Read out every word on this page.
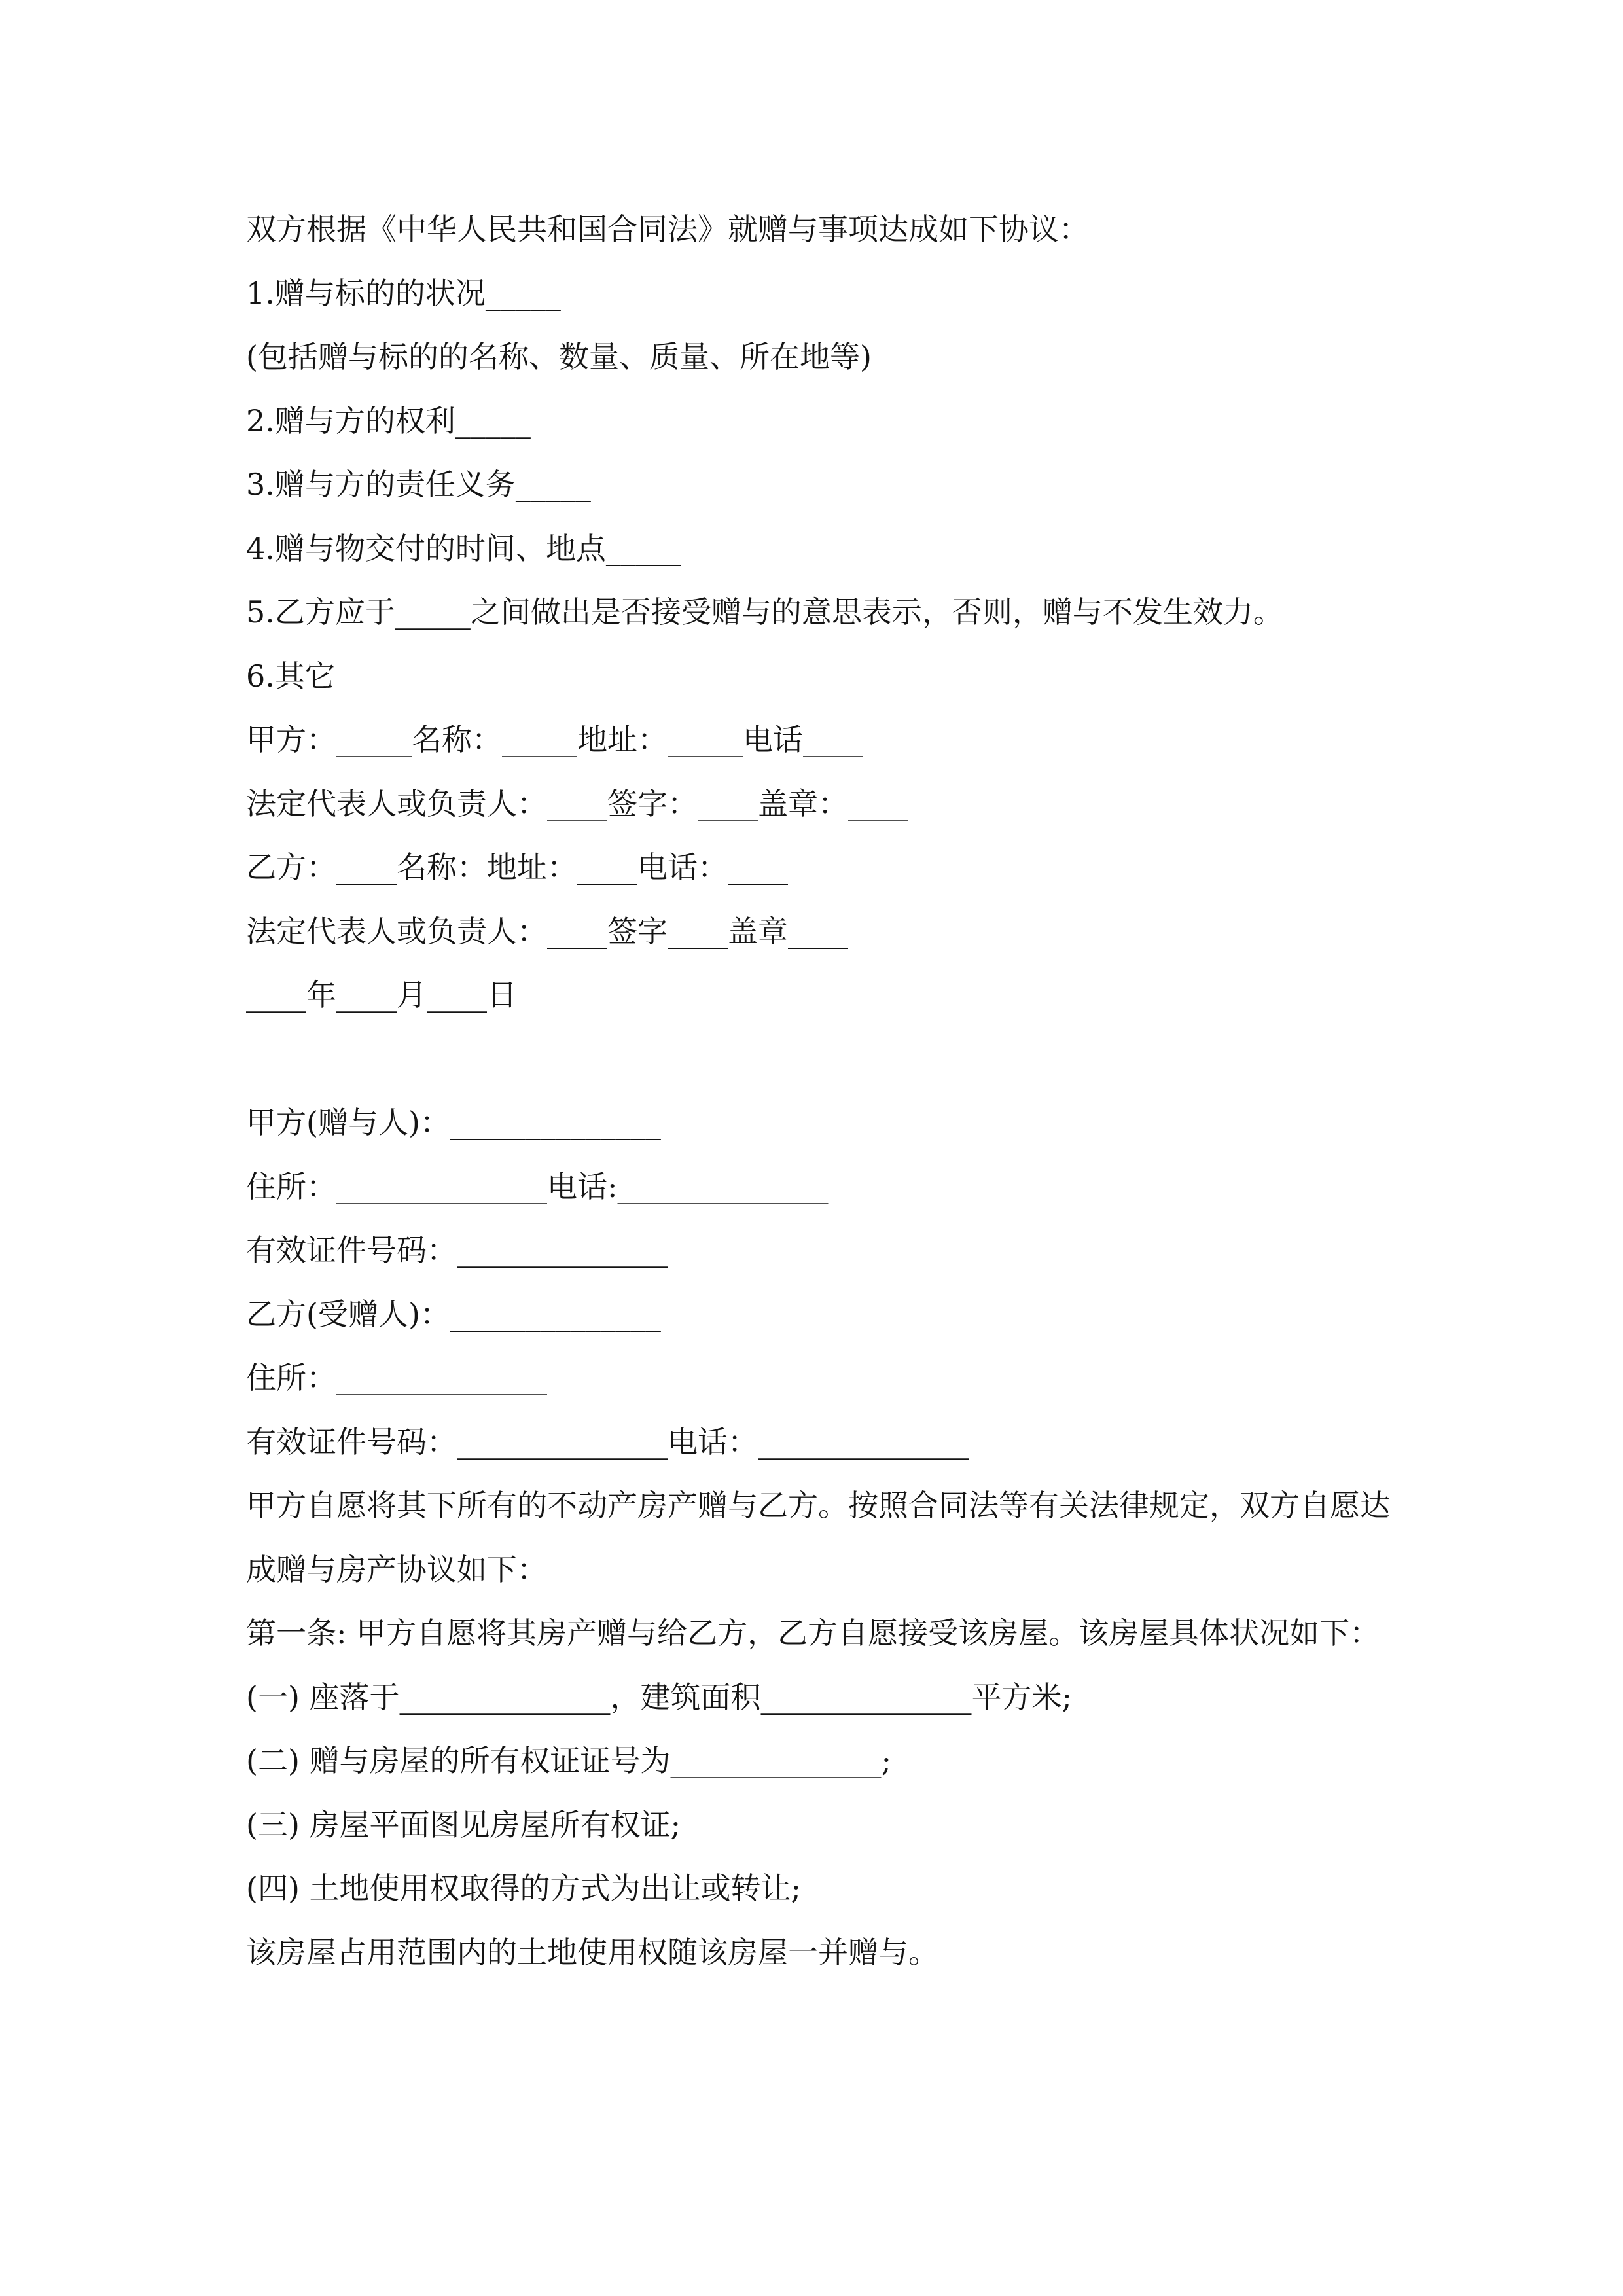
双方根据《中华人民共和国合同法》就赠与事项达成如下协议：
1.赠与标的的状况_____
(包括赠与标的的名称、数量、质量、所在地等)
2.赠与方的权利_____
3.赠与方的责任义务_____
4.赠与物交付的时间、地点_____
5.乙方应于_____之间做出是否接受赠与的意思表示，否则，赠与不发生效力。
6.其它
甲方：_____名称：_____地址：_____电话____
法定代表人或负责人：____签字：____盖章：____
乙方：____名称：地址：____电话：____
法定代表人或负责人：____签字____盖章____
____年____月____日
甲方(赠与人)：______________
住所：______________电话:______________
有效证件号码：______________
乙方(受赠人)：______________
住所：______________
有效证件号码：______________电话：______________
甲方自愿将其下所有的不动产房产赠与乙方。按照合同法等有关法律规定，双方自愿达成赠与房产协议如下：
第一条: 甲方自愿将其房产赠与给乙方，乙方自愿接受该房屋。该房屋具体状况如下：
(一) 座落于______________，建筑面积______________平方米;
(二) 赠与房屋的所有权证证号为______________;
(三) 房屋平面图见房屋所有权证;
(四) 土地使用权取得的方式为出让或转让;
该房屋占用范围内的土地使用权随该房屋一并赠与。
